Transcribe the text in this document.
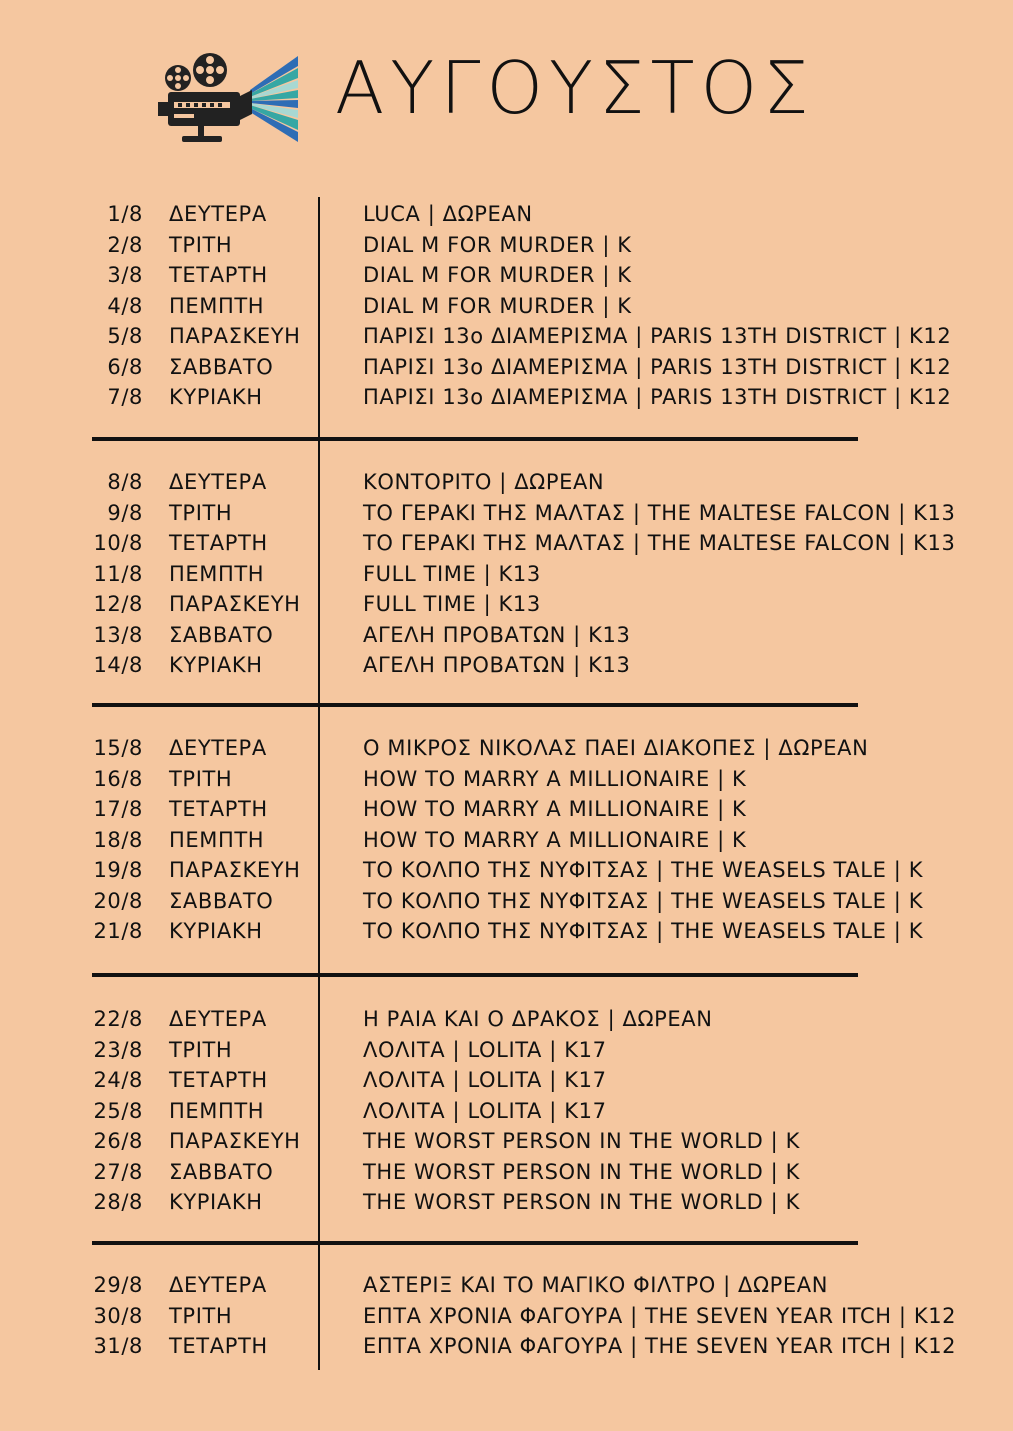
ΑΥΓΟΥΣΤΟΣ
1/8 ΔΕΥΤΕΡΑ	LUCA | ΔΩΡΕΑΝ
2/8 ΤΡΙΤΗ	DIAL M FOR MURDER | K
3/8 ΤΕΤΑΡΤΗ	DIAL M FOR MURDER | K
4/8 ΠΕΜΠΤΗ	DIAL M FOR MURDER | K
5/8 ΠΑΡΑΣΚΕΥΗ	ΠΑΡΙΣΙ 13ο ΔΙΑΜΕΡΙΣΜΑ | PARIS 13TH DISTRICT | K12
6/8 ΣΑΒΒΑΤΟ	ΠΑΡΙΣΙ 13ο ΔΙΑΜΕΡΙΣΜΑ | PARIS 13TH DISTRICT | K12
7/8 ΚΥΡΙΑΚΗ	ΠΑΡΙΣΙ 13ο ΔΙΑΜΕΡΙΣΜΑ | PARIS 13TH DISTRICT | K12
8/8 ΔΕΥΤΕΡΑ	ΚΟΝΤΟΡΙΤΟ | ΔΩΡΕΑΝ
9/8 ΤΡΙΤΗ	ΤΟ ΓΕΡΑΚΙ ΤΗΣ ΜΑΛΤΑΣ | THE MALTESE FALCON | K13
10/8 ΤΕΤΑΡΤΗ	ΤΟ ΓΕΡΑΚΙ ΤΗΣ ΜΑΛΤΑΣ | THE MALTESE FALCON | K13
11/8 ΠΕΜΠΤΗ	FULL TIME | K13
12/8 ΠΑΡΑΣΚΕΥΗ	FULL TIME | K13
13/8 ΣΑΒΒΑΤΟ	ΑΓΕΛΗ ΠΡΟΒΑΤΩΝ | K13
14/8 ΚΥΡΙΑΚΗ	ΑΓΕΛΗ ΠΡΟΒΑΤΩΝ | K13
15/8 ΔΕΥΤΕΡΑ	Ο ΜΙΚΡΟΣ ΝΙΚΟΛΑΣ ΠΑΕΙ ΔΙΑΚΟΠΕΣ | ΔΩΡΕΑΝ
16/8 ΤΡΙΤΗ	HOW TO MARRY A MILLIONAIRE | K
17/8 ΤΕΤΑΡΤΗ	HOW TO MARRY A MILLIONAIRE | K
18/8 ΠΕΜΠΤΗ	HOW TO MARRY A MILLIONAIRE | K
19/8 ΠΑΡΑΣΚΕΥΗ	ΤΟ ΚΟΛΠΟ ΤΗΣ ΝΥΦΙΤΣΑΣ | THE WEASELS TALE | K
20/8 ΣΑΒΒΑΤΟ	ΤΟ ΚΟΛΠΟ ΤΗΣ ΝΥΦΙΤΣΑΣ | THE WEASELS TALE | K
21/8 ΚΥΡΙΑΚΗ	ΤΟ ΚΟΛΠΟ ΤΗΣ ΝΥΦΙΤΣΑΣ | THE WEASELS TALE | K
22/8 ΔΕΥΤΕΡΑ	Η ΡΑΙΑ ΚΑΙ Ο ΔΡΑΚΟΣ | ΔΩΡΕΑΝ
23/8 ΤΡΙΤΗ	ΛΟΛΙΤΑ | LOLITA | K17
24/8 ΤΕΤΑΡΤΗ	ΛΟΛΙΤΑ | LOLITA | K17
25/8 ΠΕΜΠΤΗ	ΛΟΛΙΤΑ | LOLITA | K17
26/8 ΠΑΡΑΣΚΕΥΗ	THE WORST PERSON IN THE WORLD | K
27/8 ΣΑΒΒΑΤΟ	THE WORST PERSON IN THE WORLD | K
28/8 ΚΥΡΙΑΚΗ	THE WORST PERSON IN THE WORLD | K
29/8 ΔΕΥΤΕΡΑ	ΑΣΤΕΡΙΞ ΚΑΙ ΤΟ ΜΑΓΙΚΟ ΦΙΛΤΡΟ | ΔΩΡΕΑΝ
30/8 ΤΡΙΤΗ	ΕΠΤΑ ΧΡΟΝΙΑ ΦΑΓΟΥΡΑ | THE SEVEN YEAR ITCH | K12
31/8 ΤΕΤΑΡΤΗ	ΕΠΤΑ ΧΡΟΝΙΑ ΦΑΓΟΥΡΑ | THE SEVEN YEAR ITCH | K12
